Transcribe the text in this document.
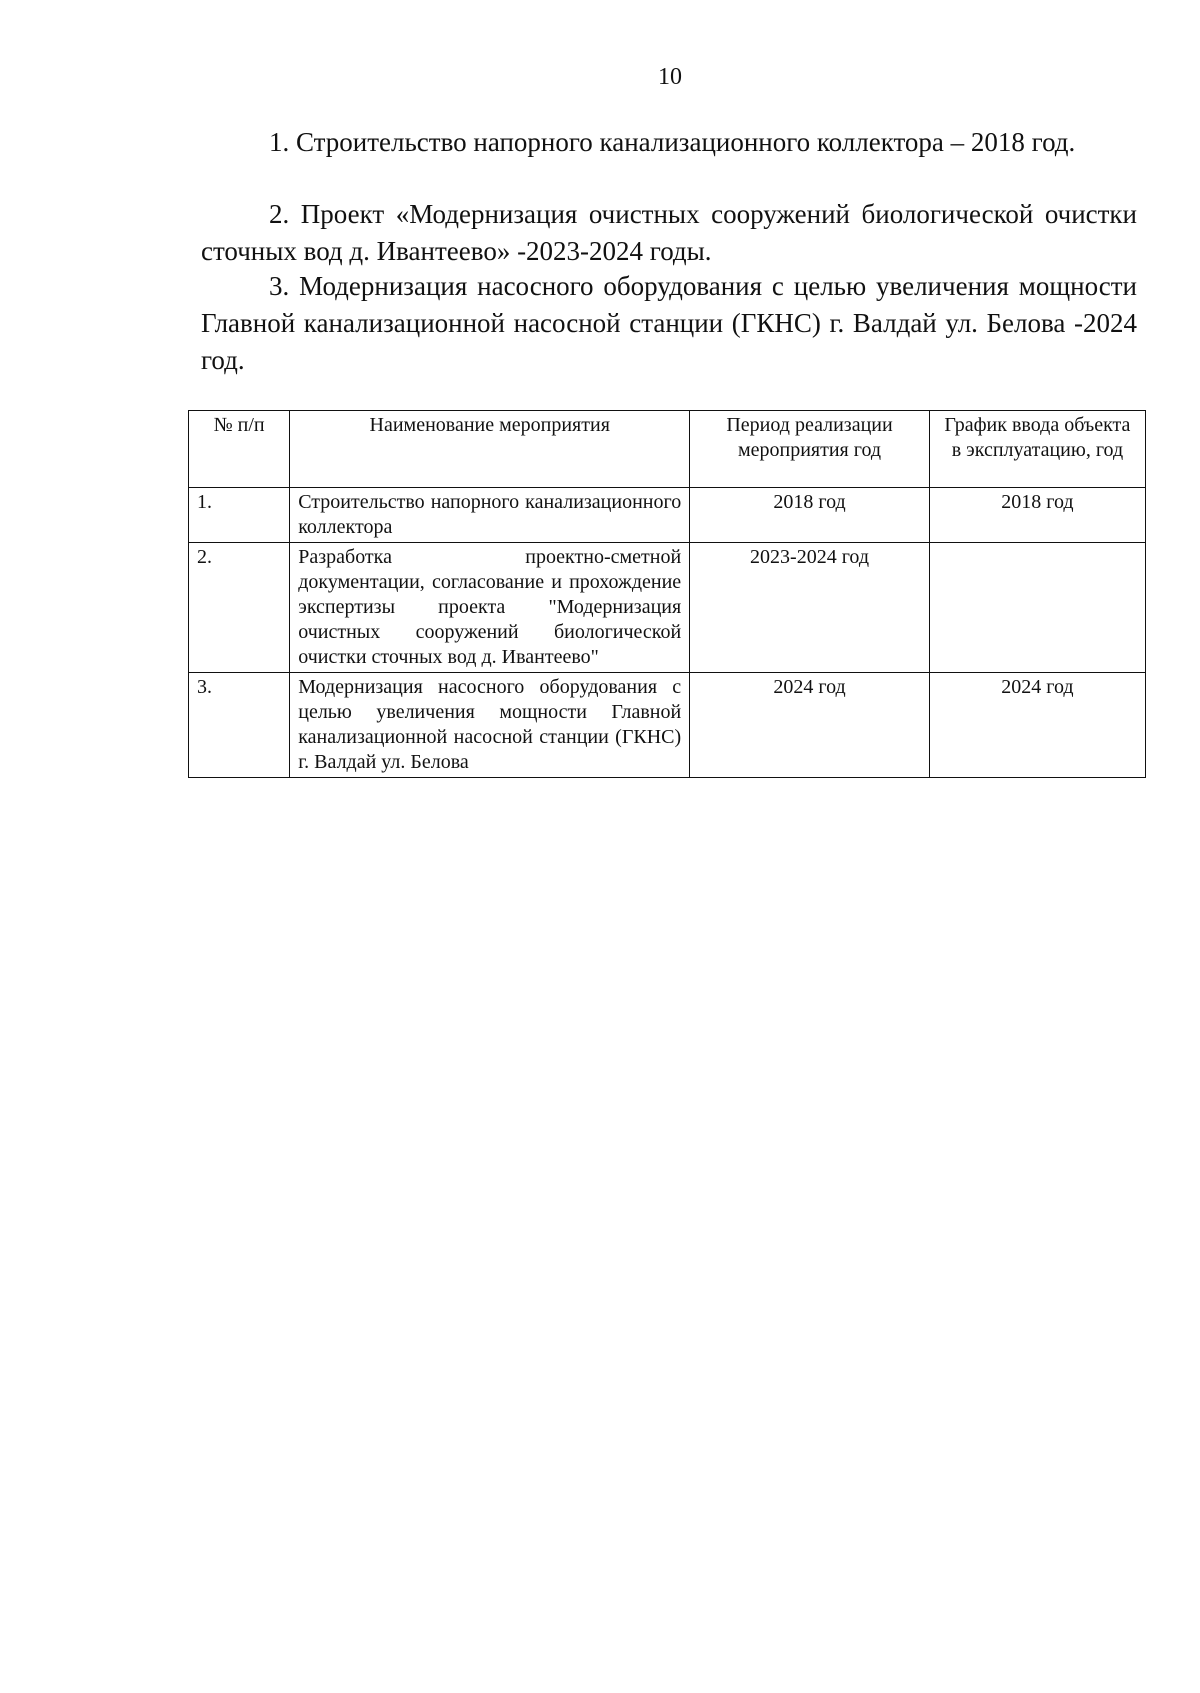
10

1. Строительство напорного канализационного коллектора – 2018 год.

2. Проект «Модернизация очистных сооружений биологической очистки сточных вод д. Ивантеево» -2023-2024 годы.

3. Модернизация насосного оборудования с целью увеличения мощности Главной канализационной насосной станции (ГКНС) г. Валдай ул. Белова -2024 год.

№ п/п	Наименование мероприятия	Период реализации мероприятия год	График ввода объекта в эксплуатацию, год
1.	Строительство напорного канализационного коллектора	2018 год	2018 год
2.	Разработка проектно-сметной документации, согласование и прохождение экспертизы проекта "Модернизация очистных сооружений биологической очистки сточных вод д. Ивантеево"	2023-2024 год	
3.	Модернизация насосного оборудования с целью увеличения мощности Главной канализационной насосной станции (ГКНС) г. Валдай ул. Белова	2024 год	2024 год
